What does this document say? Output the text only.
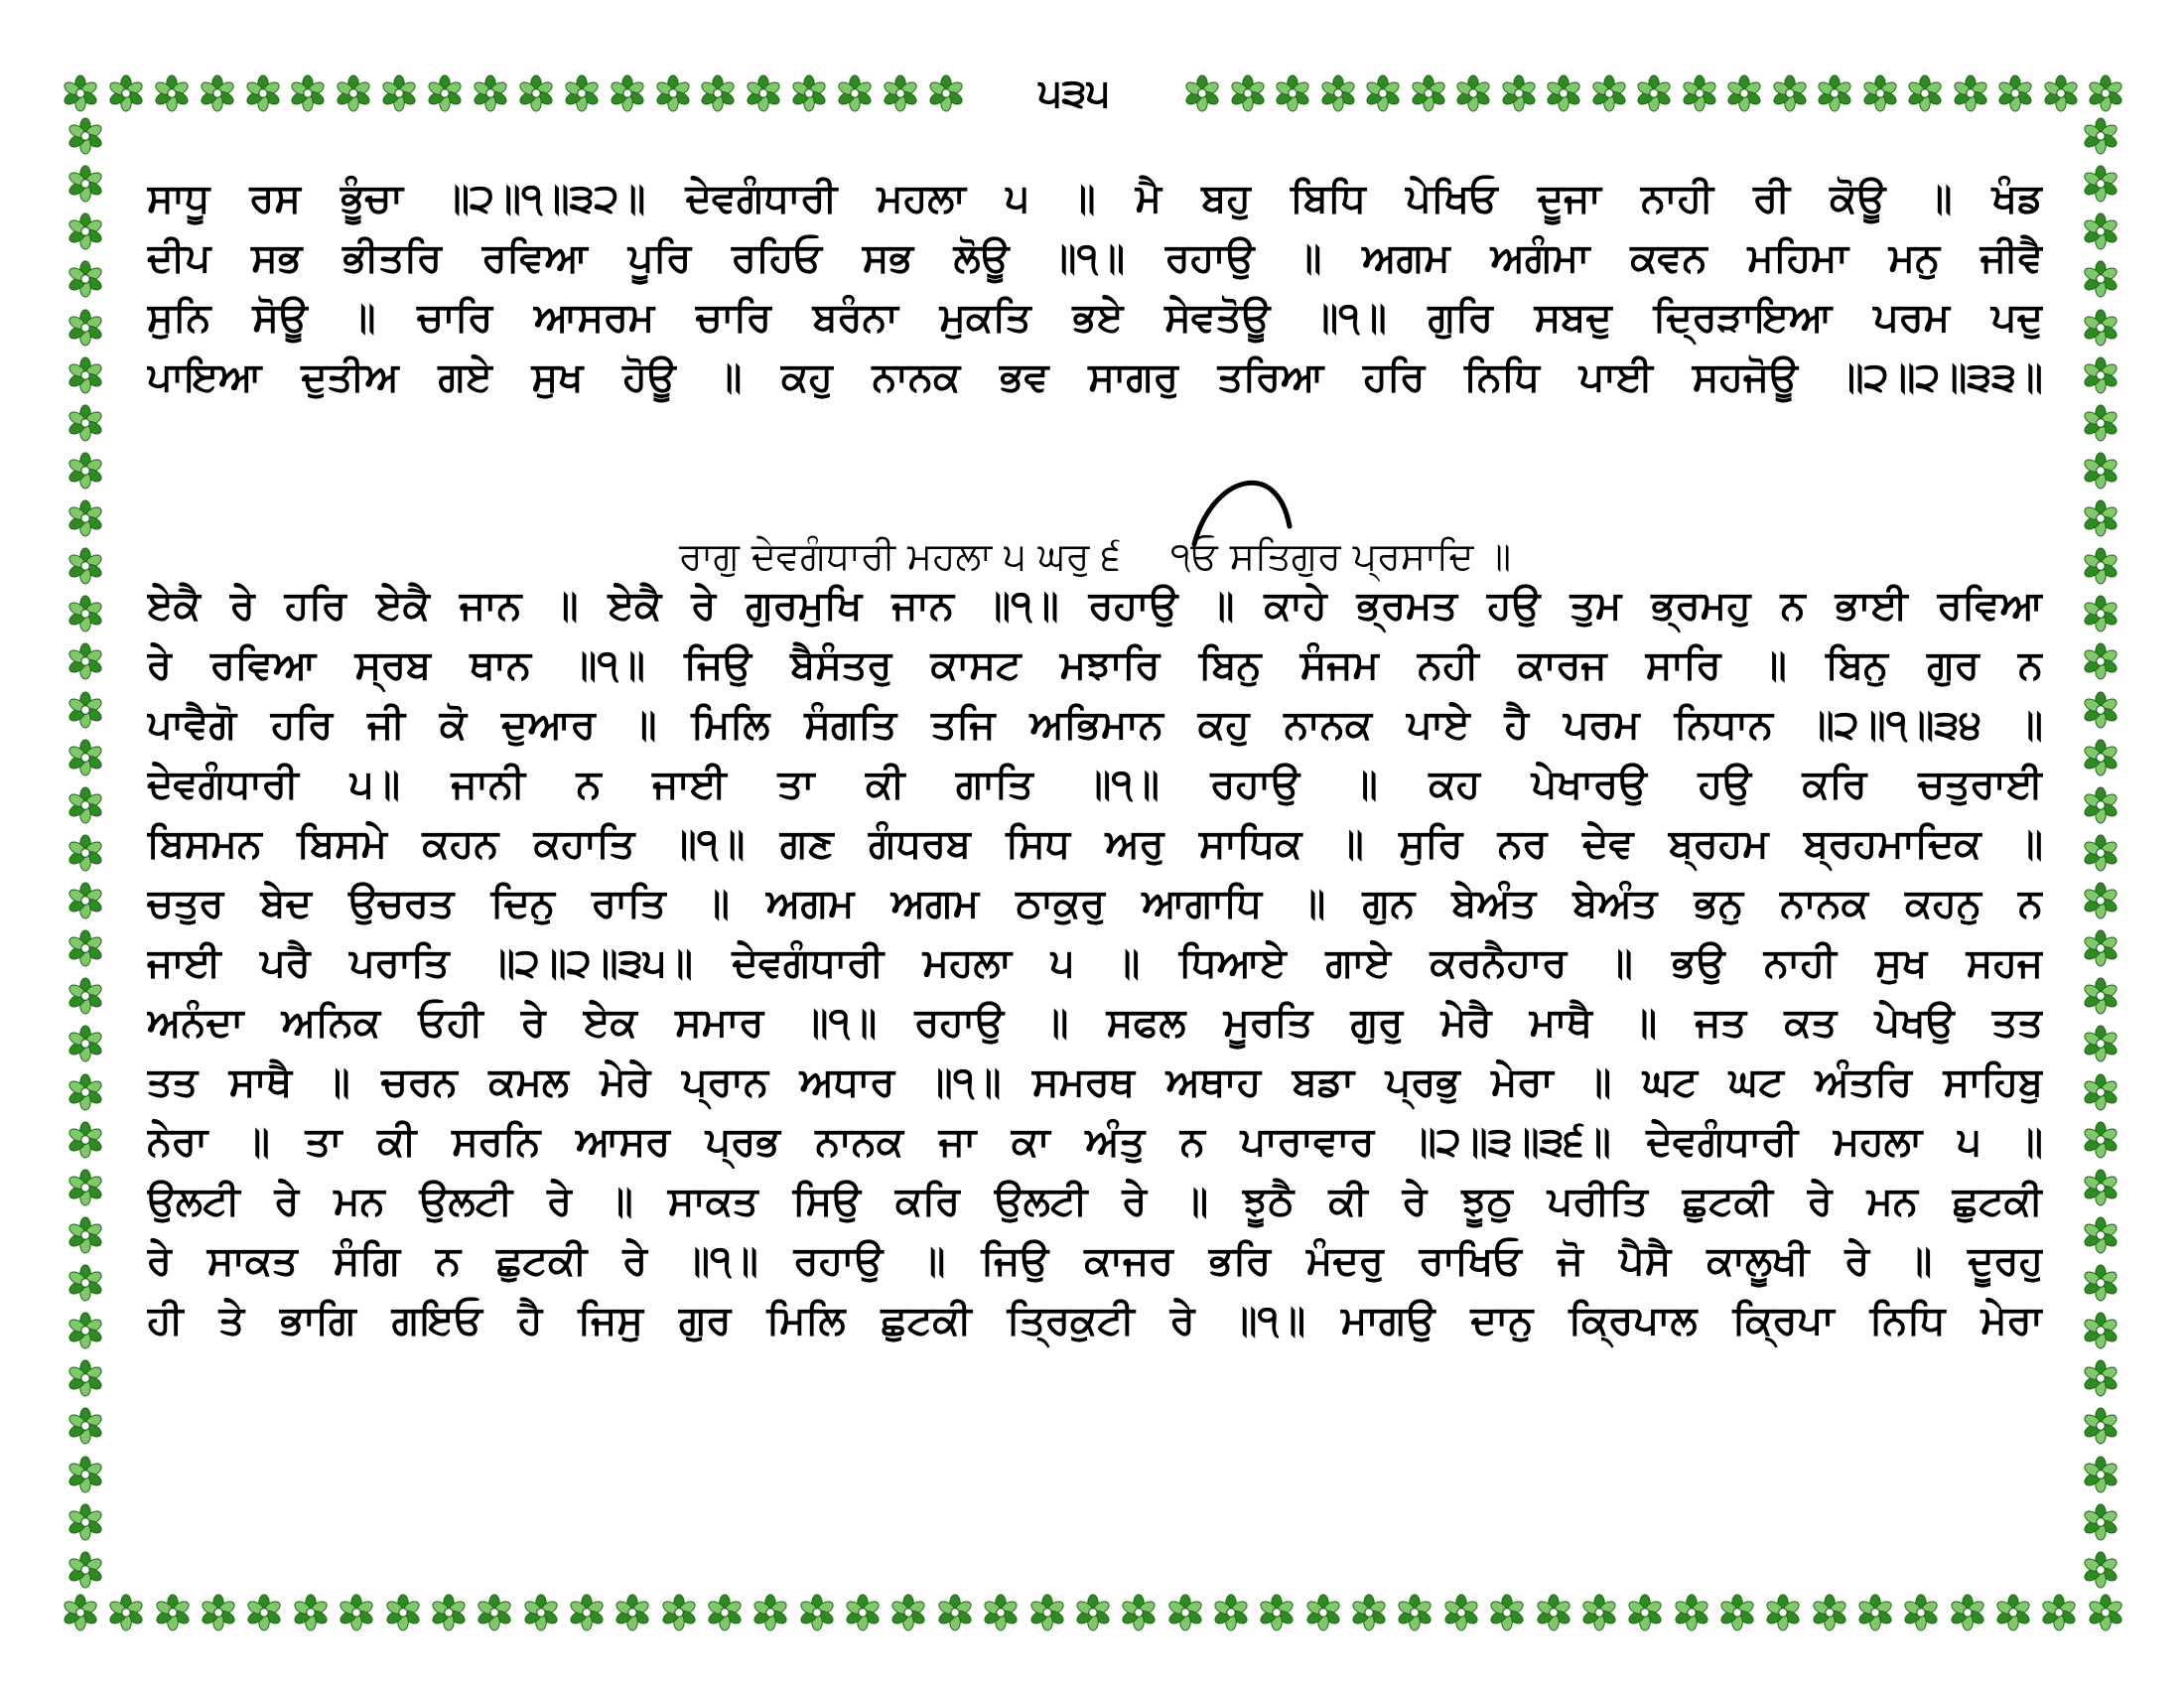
੫੩੫
ਸਾਧੂ ਰਸ ਭੂੰਚਾ ॥੨॥੧॥੩੨॥ ਦੇਵਗੰਧਾਰੀ ਮਹਲਾ ੫ ॥ ਮੈ ਬਹੁ ਬਿਧਿ ਪੇਖਿਓ ਦੂਜਾ ਨਾਹੀ ਰੀ ਕੋਊ ॥ ਖੰਡ
ਦੀਪ ਸਭ ਭੀਤਰਿ ਰਵਿਆ ਪੂਰਿ ਰਹਿਓ ਸਭ ਲੋਊ ॥੧॥ ਰਹਾਉ ॥ ਅਗਮ ਅਗੰਮਾ ਕਵਨ ਮਹਿਮਾ ਮਨੁ ਜੀਵੈ
ਸੁਨਿ ਸੋਊ ॥ ਚਾਰਿ ਆਸਰਮ ਚਾਰਿ ਬਰੰਨਾ ਮੁਕਤਿ ਭਏ ਸੇਵਤੋਊ ॥੧॥ ਗੁਰਿ ਸਬਦੁ ਦ੍ਰਿੜਾਇਆ ਪਰਮ ਪਦੁ
ਪਾਇਆ ਦੁਤੀਅ ਗਏ ਸੁਖ ਹੋਊ ॥ ਕਹੁ ਨਾਨਕ ਭਵ ਸਾਗਰੁ ਤਰਿਆ ਹਰਿ ਨਿਧਿ ਪਾਈ ਸਹਜੋਊ ॥੨॥੨॥੩੩॥
ਰਾਗੁ ਦੇਵਗੰਧਾਰੀ ਮਹਲਾ ੫ ਘਰੁ ੬ ੧ਓ ਸਤਿਗੁਰ ਪ੍ਰਸਾਦਿ ॥
ਏਕੈ ਰੇ ਹਰਿ ਏਕੈ ਜਾਨ ॥ ਏਕੈ ਰੇ ਗੁਰਮੁਖਿ ਜਾਨ ॥੧॥ ਰਹਾਉ ॥ ਕਾਹੇ ਭ੍ਰਮਤ ਹਉ ਤੁਮ ਭ੍ਰਮਹੁ ਨ ਭਾਈ ਰਵਿਆ
ਰੇ ਰਵਿਆ ਸ੍ਰਬ ਥਾਨ ॥੧॥ ਜਿਉ ਬੈਸੰਤਰੁ ਕਾਸਟ ਮਝਾਰਿ ਬਿਨੁ ਸੰਜਮ ਨਹੀ ਕਾਰਜ ਸਾਰਿ ॥ ਬਿਨੁ ਗੁਰ ਨ
ਪਾਵੈਗੋ ਹਰਿ ਜੀ ਕੋ ਦੁਆਰ ॥ ਮਿਲਿ ਸੰਗਤਿ ਤਜਿ ਅਭਿਮਾਨ ਕਹੁ ਨਾਨਕ ਪਾਏ ਹੈ ਪਰਮ ਨਿਧਾਨ ॥੨॥੧॥੩੪ ॥
ਦੇਵਗੰਧਾਰੀ ੫॥ ਜਾਨੀ ਨ ਜਾਈ ਤਾ ਕੀ ਗਾਤਿ ॥੧॥ ਰਹਾਉ ॥ ਕਹ ਪੇਖਾਰਉ ਹਉ ਕਰਿ ਚਤੁਰਾਈ
ਬਿਸਮਨ ਬਿਸਮੇ ਕਹਨ ਕਹਾਤਿ ॥੧॥ ਗਣ ਗੰਧਰਬ ਸਿਧ ਅਰੁ ਸਾਧਿਕ ॥ ਸੁਰਿ ਨਰ ਦੇਵ ਬ੍ਰਹਮ ਬ੍ਰਹਮਾਦਿਕ ॥
ਚਤੁਰ ਬੇਦ ਉਚਰਤ ਦਿਨੁ ਰਾਤਿ ॥ ਅਗਮ ਅਗਮ ਠਾਕੁਰੁ ਆਗਾਧਿ ॥ ਗੁਨ ਬੇਅੰਤ ਬੇਅੰਤ ਭਨੁ ਨਾਨਕ ਕਹਨੁ ਨ
ਜਾਈ ਪਰੈ ਪਰਾਤਿ ॥੨॥੨॥੩੫॥ ਦੇਵਗੰਧਾਰੀ ਮਹਲਾ ੫ ॥ ਧਿਆਏ ਗਾਏ ਕਰਨੈਹਾਰ ॥ ਭਉ ਨਾਹੀ ਸੁਖ ਸਹਜ
ਅਨੰਦਾ ਅਨਿਕ ਓਹੀ ਰੇ ਏਕ ਸਮਾਰ ॥੧॥ ਰਹਾਉ ॥ ਸਫਲ ਮੂਰਤਿ ਗੁਰੁ ਮੇਰੈ ਮਾਥੈ ॥ ਜਤ ਕਤ ਪੇਖਉ ਤਤ
ਤਤ ਸਾਥੈ ॥ ਚਰਨ ਕਮਲ ਮੇਰੇ ਪ੍ਰਾਨ ਅਧਾਰ ॥੧॥ ਸਮਰਥ ਅਥਾਹ ਬਡਾ ਪ੍ਰਭੁ ਮੇਰਾ ॥ ਘਟ ਘਟ ਅੰਤਰਿ ਸਾਹਿਬੁ
ਨੇਰਾ ॥ ਤਾ ਕੀ ਸਰਨਿ ਆਸਰ ਪ੍ਰਭ ਨਾਨਕ ਜਾ ਕਾ ਅੰਤੁ ਨ ਪਾਰਾਵਾਰ ॥੨॥੩॥੩੬॥ ਦੇਵਗੰਧਾਰੀ ਮਹਲਾ ੫ ॥
ਉਲਟੀ ਰੇ ਮਨ ਉਲਟੀ ਰੇ ॥ ਸਾਕਤ ਸਿਉ ਕਰਿ ਉਲਟੀ ਰੇ ॥ ਝੂਠੈ ਕੀ ਰੇ ਝੂਠੁ ਪਰੀਤਿ ਛੁਟਕੀ ਰੇ ਮਨ ਛੁਟਕੀ
ਰੇ ਸਾਕਤ ਸੰਗਿ ਨ ਛੁਟਕੀ ਰੇ ॥੧॥ ਰਹਾਉ ॥ ਜਿਉ ਕਾਜਰ ਭਰਿ ਮੰਦਰੁ ਰਾਖਿਓ ਜੋ ਪੈਸੈ ਕਾਲੂਖੀ ਰੇ ॥ ਦੂਰਹੁ
ਹੀ ਤੇ ਭਾਗਿ ਗਇਓ ਹੈ ਜਿਸੁ ਗੁਰ ਮਿਲਿ ਛੁਟਕੀ ਤ੍ਰਿਕੁਟੀ ਰੇ ॥੧॥ ਮਾਗਉ ਦਾਨੁ ਕ੍ਰਿਪਾਲ ਕ੍ਰਿਪਾ ਨਿਧਿ ਮੇਰਾ
